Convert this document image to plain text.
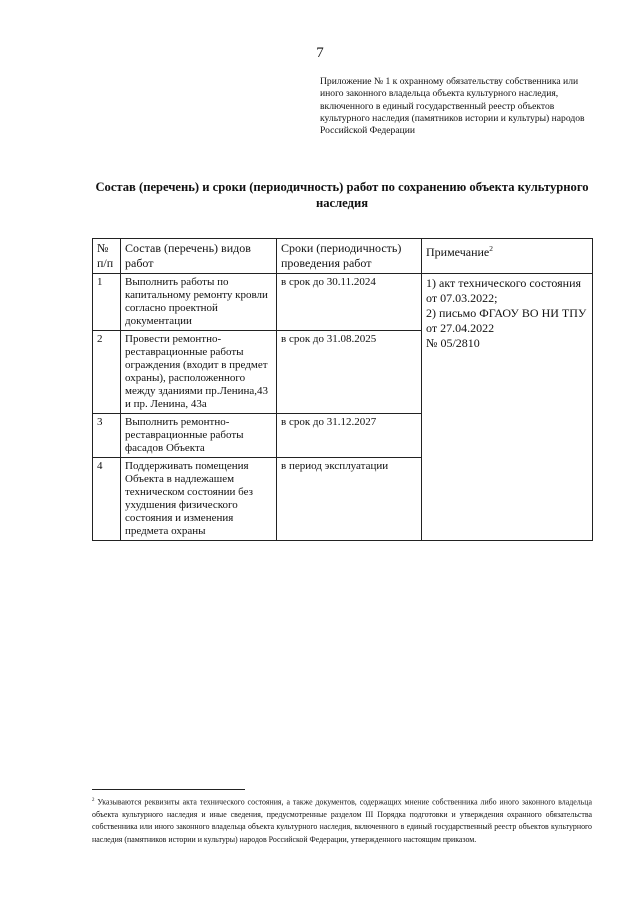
7
Приложение № 1 к охранному обязательству собственника или иного законного владельца объекта культурного наследия, включенного в единый государственный реестр объектов культурного наследия (памятников истории и культуры) народов Российской Федерации
Состав (перечень) и сроки (периодичность) работ по сохранению объекта культурного наследия
№ п/п	Состав (перечень) видов работ	Сроки (периодичность) проведения работ	Примечание$^2$
1	Выполнить работы по капитальному ремонту кровли согласно проектной документации	в срок до 30.11.2024	1) акт технического состояния от 07.03.2022;
2) письмо ФГАОУ ВО НИ ТПУ от 27.04.2022
№ 05/2810

2	Провести ремонтно-реставрационные работы ограждения (входит в предмет охраны), расположенного между зданиями пр.Ленина,43 и пр. Ленина, 43а	в срок до 31.08.2025	
3	Выполнить ремонтно-реставрационные работы фасадов Объекта	в срок до 31.12.2027	
4	Поддерживать помещения Объекта в надлежашем техническом состоянии без ухудшения физического состояния и изменения предмета охраны	в период эксплуатации	
$^2$ Указываются реквизиты акта технического состояния, а также документов, содержащих мнение собственника либо иного законного владельца объекта культурного наследия и иные сведения, предусмотренные разделом III Порядка подготовки и утверждения охранного обязательства собственника или иного законного владельца объекта культурного наследия, включенного в единый государственный реестр объектов культурного наследия (памятников истории и культуры) народов Российской Федерации, утвержденного настоящим приказом.
